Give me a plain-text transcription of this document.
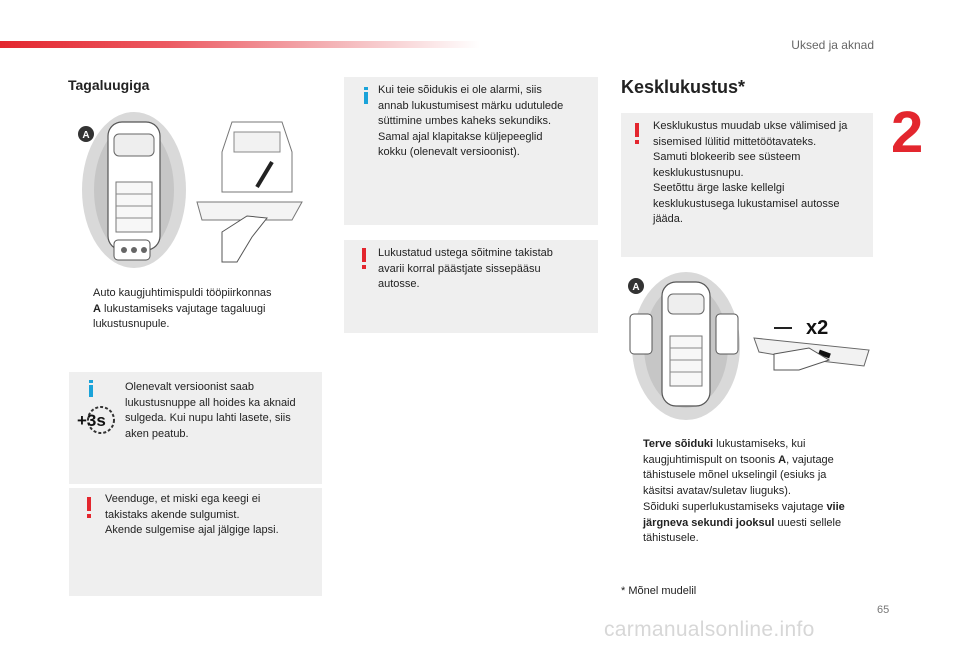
Uksed ja aknad
2
Tagaluugiga
A
Auto kaugjuhtimispuldi tööpiirkonnas
A lukustamiseks vajutage tagaluugi
lukustusnupule.
+3s
Olenevalt versioonist saab
lukustusnuppe all hoides ka aknaid
sulgeda. Kui nupu lahti lasete, siis
aken peatub.
Veenduge, et miski ega keegi ei
takistaks akende sulgumist.
Akende sulgemise ajal jälgige lapsi.
Kui teie sõidukis ei ole alarmi, siis
annab lukustumisest märku udutulede
süttimine umbes kaheks sekundiks.
Samal ajal klapitakse küljepeeglid
kokku (olenevalt versioonist).
Lukustatud ustega sõitmine takistab
avarii korral päästjate sissepääsu
autosse.
Kesklukustus*
Kesklukustus muudab ukse välimised ja
sisemised lülitid mittetöötavateks.
Samuti blokeerib see süsteem
kesklukustusnupu.
Seetõttu ärge laske kellelgi
kesklukustusega lukustamisel autosse
jääda.
A
x2
Terve sõiduki lukustamiseks, kui
kaugjuhtimispult on tsoonis A, vajutage
tähistusele mõnel ukselingil (esiuks ja
käsitsi avatav/suletav liuguks).
Sõiduki superlukustamiseks vajutage viie
järgneva sekundi jooksul uuesti sellele
tähistusele.
* Mõnel mudelil
65
carmanualsonline.info
